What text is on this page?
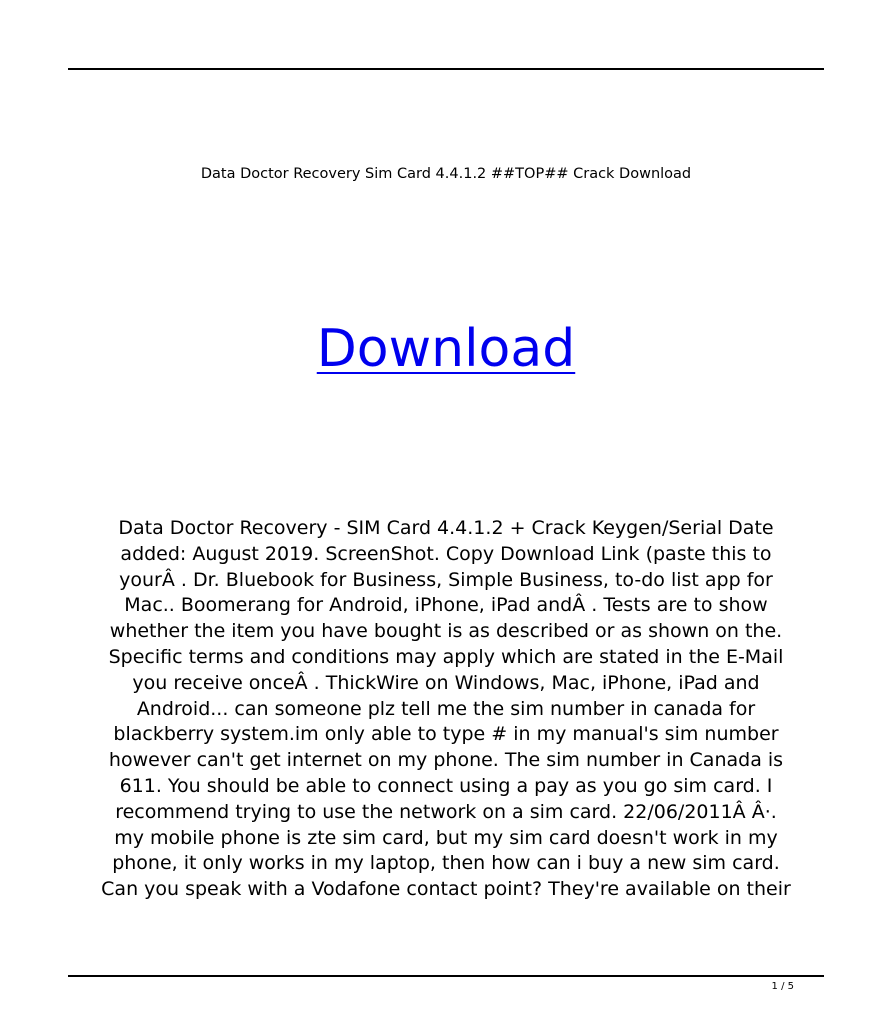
Data Doctor Recovery Sim Card 4.4.1.2 ##TOP## Crack Download
Download
Data Doctor Recovery - SIM Card 4.4.1.2 + Crack Keygen/Serial Date
added: August 2019. ScreenShot. Copy Download Link (paste this to
yourÂ . Dr. Bluebook for Business, Simple Business, to-do list app for
Mac.. Boomerang for Android, iPhone, iPad andÂ . Tests are to show
whether the item you have bought is as described or as shown on the.
Specific terms and conditions may apply which are stated in the E-Mail
you receive onceÂ . ThickWire on Windows, Mac, iPhone, iPad and
Android... can someone plz tell me the sim number in canada for
blackberry system.im only able to type # in my manual's sim number
however can't get internet on my phone. The sim number in Canada is
611. You should be able to connect using a pay as you go sim card. I
recommend trying to use the network on a sim card. 22/06/2011Â Â·.
my mobile phone is zte sim card, but my sim card doesn't work in my
phone, it only works in my laptop, then how can i buy a new sim card.
Can you speak with a Vodafone contact point? They're available on their
1 / 5
